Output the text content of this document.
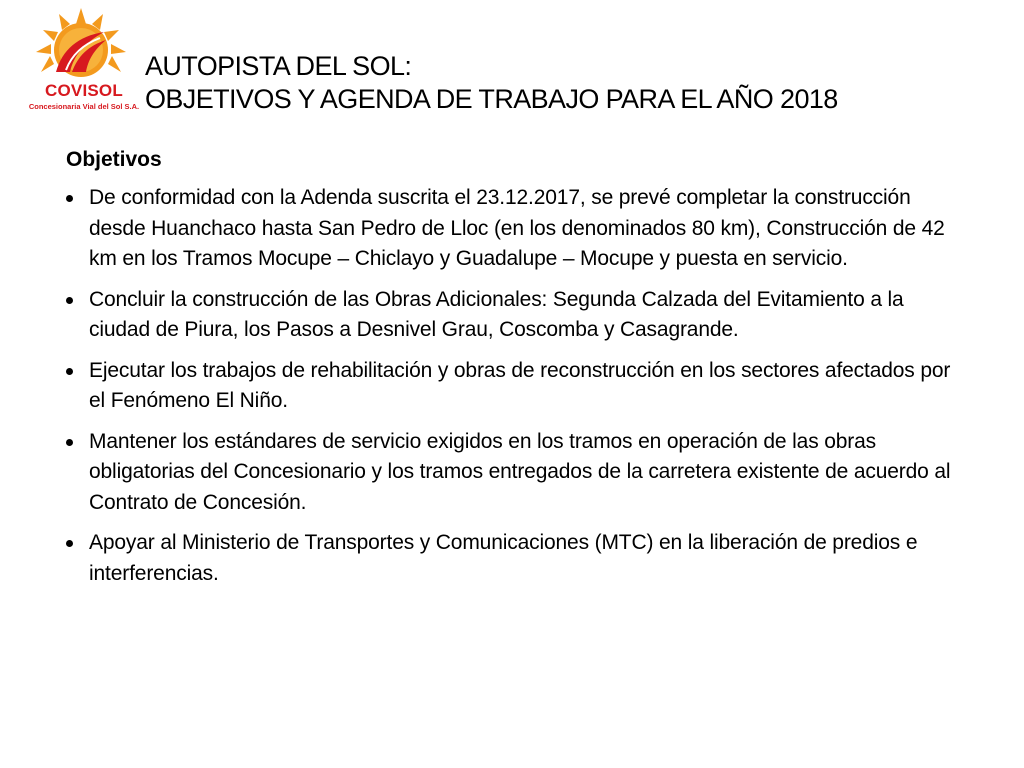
COVISOL
Concesionaria Vial del Sol S.A.
AUTOPISTA DEL SOL:
OBJETIVOS Y AGENDA DE TRABAJO PARA EL AÑO 2018
Objetivos
De conformidad con la Adenda suscrita el 23.12.2017, se prevé completar la construcción desde Huanchaco hasta San Pedro de Lloc (en los denominados 80 km), Construcción de 42 km en los Tramos Mocupe – Chiclayo y Guadalupe – Mocupe y puesta en servicio.
Concluir la construcción de las Obras Adicionales: Segunda Calzada del Evitamiento a la ciudad de Piura, los Pasos a Desnivel Grau, Coscomba y Casagrande.
Ejecutar los trabajos de rehabilitación y obras de reconstrucción en los sectores afectados por el Fenómeno El Niño.
Mantener los estándares de servicio exigidos en los tramos en operación de las obras obligatorias del Concesionario y los tramos entregados de la carretera existente de acuerdo al Contrato de Concesión.
Apoyar al Ministerio de Transportes y Comunicaciones (MTC) en la liberación de predios e interferencias.
